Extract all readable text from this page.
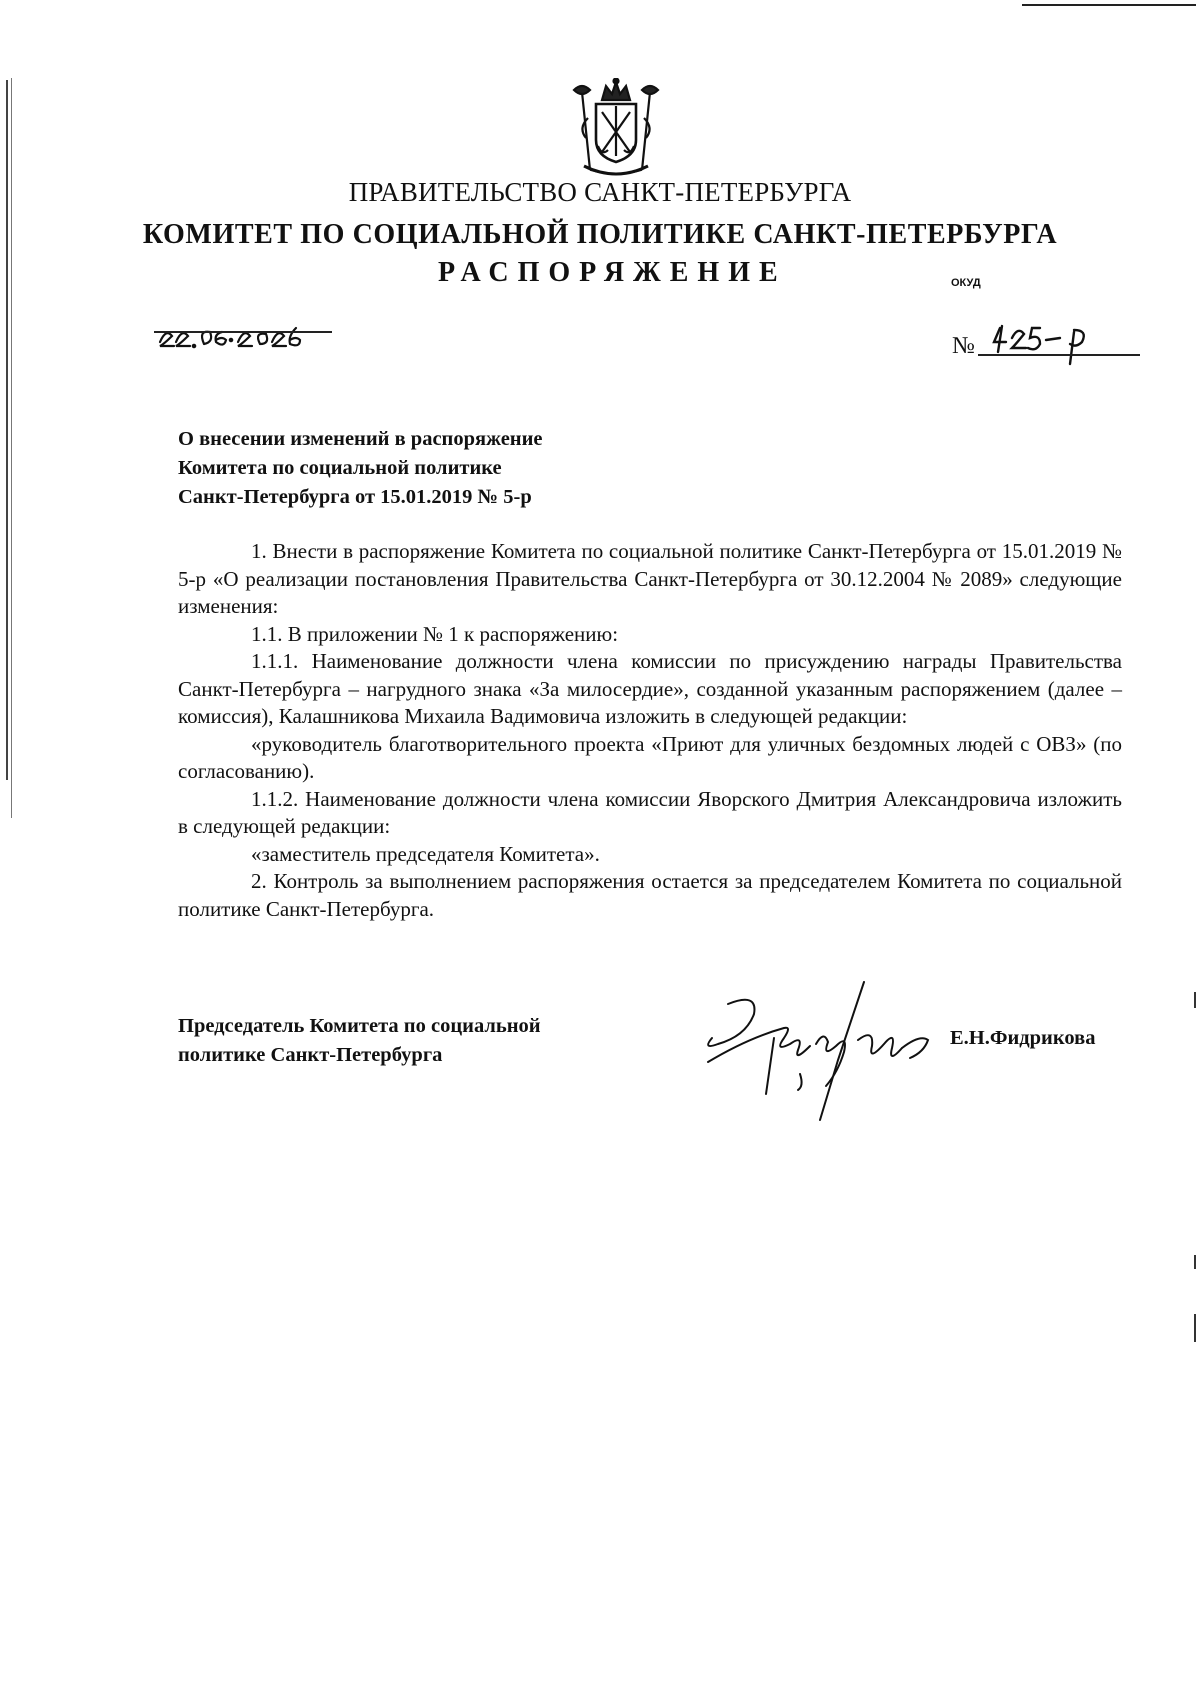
ПРАВИТЕЛЬСТВО САНКТ-ПЕТЕРБУРГА
КОМИТЕТ ПО СОЦИАЛЬНОЙ ПОЛИТИКЕ САНКТ-ПЕТЕРБУРГА
РАСПОРЯЖЕНИЕ	ОКУД
№
О внесении изменений в распоряжение
Комитета по социальной политике
Санкт-Петербурга от 15.01.2019 № 5-р

1. Внести в распоряжение Комитета по социальной политике Санкт-Петербурга от 15.01.2019 № 5-р «О реализации постановления Правительства Санкт-Петербурга от 30.12.2004 № 2089» следующие изменения:

1.1. В приложении № 1 к распоряжению:

1.1.1. Наименование должности члена комиссии по присуждению награды Правительства Санкт-Петербурга – нагрудного знака «За милосердие», созданной указанным распоряжением (далее – комиссия), Калашникова Михаила Вадимовича изложить в следующей редакции:

«руководитель благотворительного проекта «Приют для уличных бездомных людей с ОВЗ» (по согласованию).

1.1.2. Наименование должности члена комиссии Яворского Дмитрия Александровича изложить в следующей редакции:

«заместитель председателя Комитета».

2. Контроль за выполнением распоряжения остается за председателем Комитета по социальной политике Санкт-Петербурга.

Председатель Комитета по социальной
политике Санкт-Петербурга
Е.Н.Фидрикова
